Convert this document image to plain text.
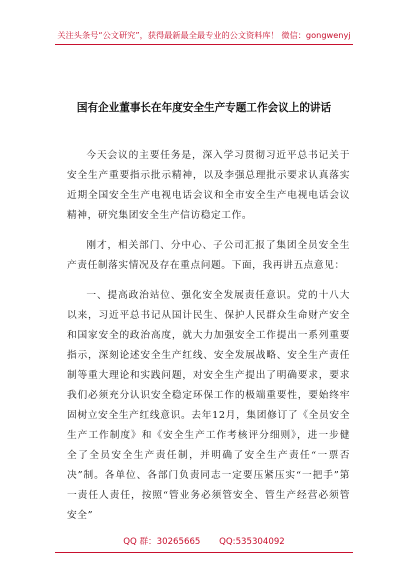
关注头条号“公文研究”，获得最新最全最专业的公文资料库！ 微信：gongwenyj
国有企业董事长在年度安全生产专题工作会议上的讲话

今天会议的主要任务是，深入学习贯彻习近平总书记关于安全生产重要指示批示精神，以及李强总理批示要求认真落实近期全国安全生产电视电话会议和全市安全生产电视电话会议精神，研究集团安全生产信访稳定工作。

刚才，相关部门、分中心、子公司汇报了集团全员安全生产责任制落实情况及存在重点问题。下面，我再讲五点意见：

一、提高政治站位、强化安全发展责任意识。党的十八大以来，习近平总书记从国计民生、保护人民群众生命财产安全和国家安全的政治高度，就大力加强安全工作提出一系列重要指示，深刻论述安全生产红线、安全发展战略、安全生产责任制等重大理论和实践问题，对安全生产提出了明确要求，要求我们必须充分认识安全稳定环保工作的极端重要性，要始终牢固树立安全生产红线意识。去年12月，集团修订了《全员安全生产工作制度》和《安全生产工作考核评分细则》，进一步健全了全员安全生产责任制，并明确了安全生产责任“一票否决”制。各单位、各部门负责同志一定要压紧压实“一把手”第一责任人责任，按照“管业务必须管安全、管生产经营必须管安全”

QQ 群：30265665 QQ:535304092
